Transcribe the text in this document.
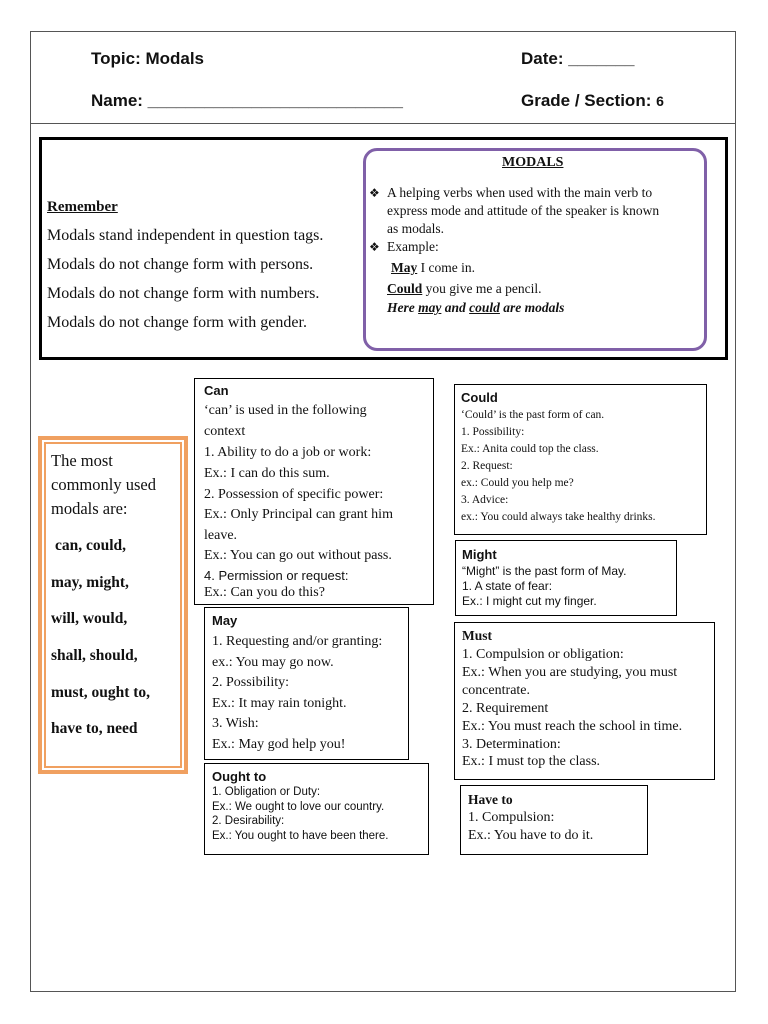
Topic: Modals	Date: _______
Name: ___________________________	Grade / Section: 6
Remember
Modals stand independent in question tags.
Modals do not change form with persons.
Modals do not change form with numbers.
Modals do not change form with gender.
MODALS
❖ A helping verbs when used with the main verb to
express mode and attitude of the speaker is known
as modals.
❖ Example:
May I come in.
Could you give me a pencil.
Here may and could are modals
The most
commonly used
modals are:
can, could,
may, might,
will, would,
shall, should,
must, ought to,
have to, need
Can
‘can’ is used in the following
context
1. Ability to do a job or work:
Ex.: I can do this sum.
2. Possession of specific power:
Ex.: Only Principal can grant him
leave.
Ex.: You can go out without pass.
4. Permission or request:
Ex.: Can you do this?
Could
‘Could’ is the past form of can.
1. Possibility:
Ex.: Anita could top the class.
2. Request:
ex.: Could you help me?
3. Advice:
ex.: You could always take healthy drinks.
Might
“Might” is the past form of May.
1. A state of fear:
Ex.: I might cut my finger.
May
1. Requesting and/or granting:
ex.: You may go now.
2. Possibility:
Ex.: It may rain tonight.
3. Wish:
Ex.: May god help you!
Must
1. Compulsion or obligation:
Ex.: When you are studying, you must
concentrate.
2. Requirement
Ex.: You must reach the school in time.
3. Determination:
Ex.: I must top the class.
Ought to
1. Obligation or Duty:
Ex.: We ought to love our country.
2. Desirability:
Ex.: You ought to have been there.
Have to
1. Compulsion:
Ex.: You have to do it.
